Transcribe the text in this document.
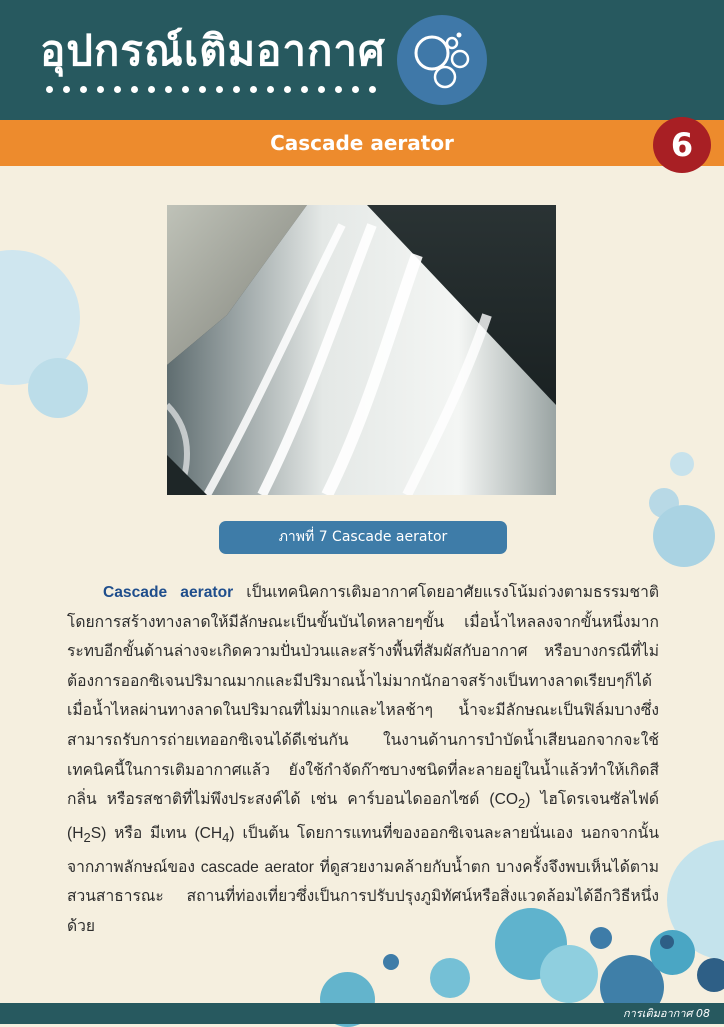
อุปกรณ์เติมอากาศ
Cascade aerator	6
ภาพที่ 7 Cascade aerator

Cascade aerator เป็นเทคนิคการเติมอากาศโดยอาศัยแรงโน้มถ่วงตามธรรมชาติ โดยการสร้างทางลาดให้มีลักษณะเป็นขั้นบันไดหลายๆขั้น เมื่อน้ำไหลลงจากขั้นหนึ่งมากระทบอีกขั้นด้านล่างจะเกิดความปั่นป่วนและสร้างพื้นที่สัมผัสกับอากาศ หรือบางกรณีที่ไม่ต้องการออกซิเจนปริมาณมากและมีปริมาณน้ำไม่มากนักอาจสร้างเป็นทางลาดเรียบๆก็ได้ เมื่อน้ำไหลผ่านทางลาดในปริมาณที่ไม่มากและไหลช้าๆ น้ำจะมีลักษณะเป็นฟิล์มบางซึ่งสามารถรับการถ่ายเทออกซิเจนได้ดีเช่นกัน ในงานด้านการบำบัดน้ำเสียนอกจากจะใช้เทคนิคนี้ในการเติมอากาศแล้ว ยังใช้กำจัดก๊าซบางชนิดที่ละลายอยู่ในน้ำแล้วทำให้เกิดสี กลิ่น หรือรสชาติที่ไม่พึงประสงค์ได้ เช่น คาร์บอนไดออกไซด์ $(CO_2)$ ไฮโดรเจนซัลไฟด์ $(H_2S)$ หรือ มีเทน $(CH_4)$ เป็นต้น โดยการแทนที่ของออกซิเจนละลายนั่นเอง นอกจากนั้นจากภาพลักษณ์ของ cascade aerator ที่ดูสวยงามคล้ายกับน้ำตก บางครั้งจึงพบเห็นได้ตามสวนสาธารณะ สถานที่ท่องเที่ยวซึ่งเป็นการปรับปรุงภูมิทัศน์หรือสิ่งแวดล้อมได้อีกวิธีหนึ่งด้วย

การเติมอากาศ 08
